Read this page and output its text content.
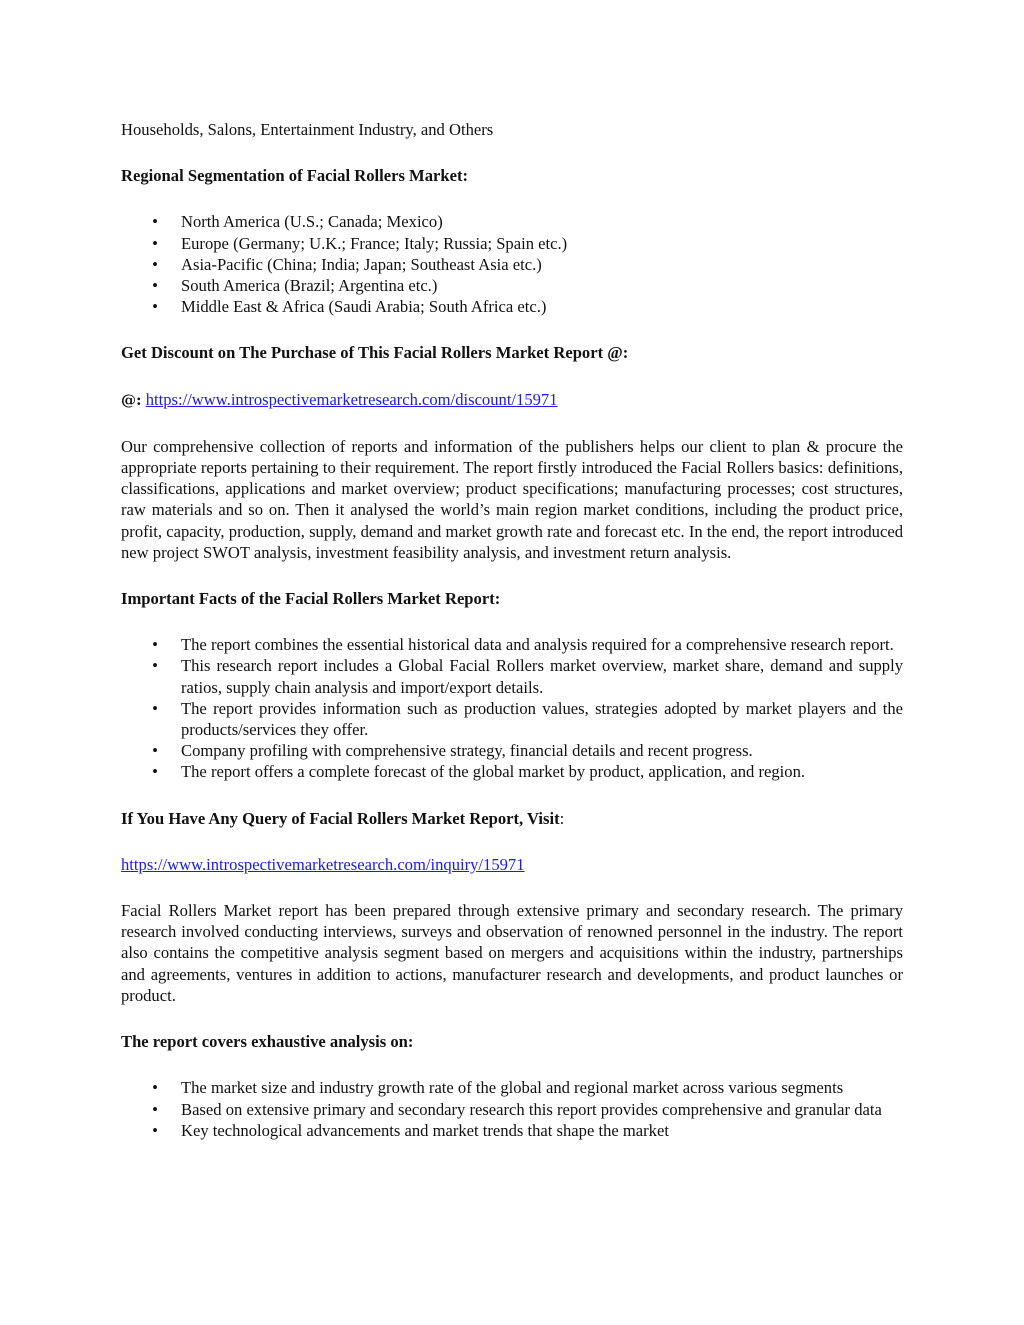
Households, Salons, Entertainment Industry, and Others

Regional Segmentation of Facial Rollers Market:

• North America (U.S.; Canada; Mexico)
• Europe (Germany; U.K.; France; Italy; Russia; Spain etc.)
• Asia-Pacific (China; India; Japan; Southeast Asia etc.)
• South America (Brazil; Argentina etc.)
• Middle East & Africa (Saudi Arabia; South Africa etc.)

Get Discount on The Purchase of This Facial Rollers Market Report @:

@: https://www.introspectivemarketresearch.com/discount/15971

Our comprehensive collection of reports and information of the publishers helps our client to plan & procure the appropriate reports pertaining to their requirement. The report firstly introduced the Facial Rollers basics: definitions, classifications, applications and market overview; product specifications; manufacturing processes; cost structures, raw materials and so on. Then it analysed the world’s main region market conditions, including the product price, profit, capacity, production, supply, demand and market growth rate and forecast etc. In the end, the report introduced new project SWOT analysis, investment feasibility analysis, and investment return analysis.

Important Facts of the Facial Rollers Market Report:

• The report combines the essential historical data and analysis required for a comprehensive research report.
• This research report includes a Global Facial Rollers market overview, market share, demand and supply ratios, supply chain analysis and import/export details.
• The report provides information such as production values, strategies adopted by market players and the products/services they offer.
• Company profiling with comprehensive strategy, financial details and recent progress.
• The report offers a complete forecast of the global market by product, application, and region.

If You Have Any Query of Facial Rollers Market Report, Visit:

https://www.introspectivemarketresearch.com/inquiry/15971

Facial Rollers Market report has been prepared through extensive primary and secondary research. The primary research involved conducting interviews, surveys and observation of renowned personnel in the industry. The report also contains the competitive analysis segment based on mergers and acquisitions within the industry, partnerships and agreements, ventures in addition to actions, manufacturer research and developments, and product launches or product.

The report covers exhaustive analysis on:

• The market size and industry growth rate of the global and regional market across various segments
• Based on extensive primary and secondary research this report provides comprehensive and granular data
• Key technological advancements and market trends that shape the market
